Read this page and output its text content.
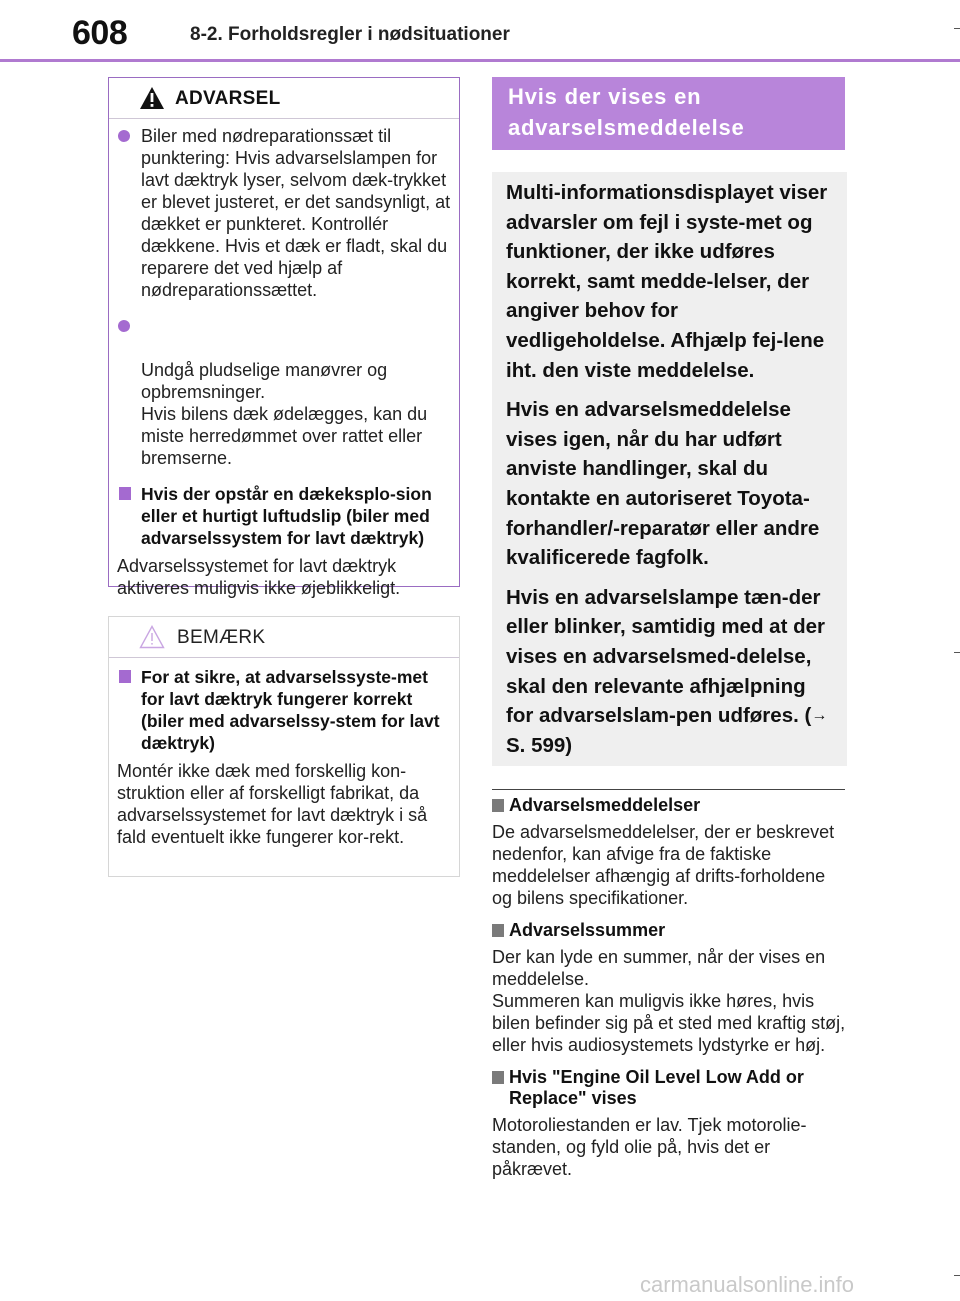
608	8-2. Forholdsregler i nødsituationer
ADVARSEL
Biler med nødreparationssæt til punktering: Hvis advarselslampen for lavt dæktryk lyser, selvom dæk-trykket er blevet justeret, er det sandsynligt, at dækket er punkteret. Kontrollér dækkene. Hvis et dæk er fladt, skal du reparere det ved hjælp af nødreparationssættet.

Undgå pludselige manøvrer og opbremsninger.
Hvis bilens dæk ødelægges, kan du miste herredømmet over rattet eller bremserne.

Hvis der opstår en dækeksplo-sion eller et hurtigt luftudslip (biler med advarselssystem for lavt dæktryk)

Advarselssystemet for lavt dæktryk aktiveres muligvis ikke øjeblikkeligt.

BEMÆRK
For at sikre, at advarselssyste-met for lavt dæktryk fungerer korrekt (biler med advarselssy-stem for lavt dæktryk)

Montér ikke dæk med forskellig kon-struktion eller af forskelligt fabrikat, da advarselssystemet for lavt dæktryk i så fald eventuelt ikke fungerer kor-rekt.

Hvis der vises en advarselsmeddelelse

Multi-informationsdisplayet viser advarsler om fejl i syste-met og funktioner, der ikke udføres korrekt, samt medde-lelser, der angiver behov for vedligeholdelse. Afhjælp fej-lene iht. den viste meddelelse.

Hvis en advarselsmeddelelse vises igen, når du har udført anviste handlinger, skal du kontakte en autoriseret Toyota-forhandler/-reparatør eller andre kvalificerede fagfolk.

Hvis en advarselslampe tæn-der eller blinker, samtidig med at der vises en advarselsmed-delelse, skal den relevante afhjælpning for advarselslam-pen udføres. (→S. 599)

Advarselsmeddelelser

De advarselsmeddelelser, der er beskrevet nedenfor, kan afvige fra de faktiske meddelelser afhængig af drifts-forholdene og bilens specifikationer.

Advarselssummer

Der kan lyde en summer, når der vises en meddelelse.
Summeren kan muligvis ikke høres, hvis bilen befinder sig på et sted med kraftig støj, eller hvis audiosystemets lydstyrke er høj.

Hvis "Engine Oil Level Low Add or Replace" vises

Motoroliestanden er lav. Tjek motorolie-standen, og fyld olie på, hvis det er påkrævet.

carmanualsonline.info
